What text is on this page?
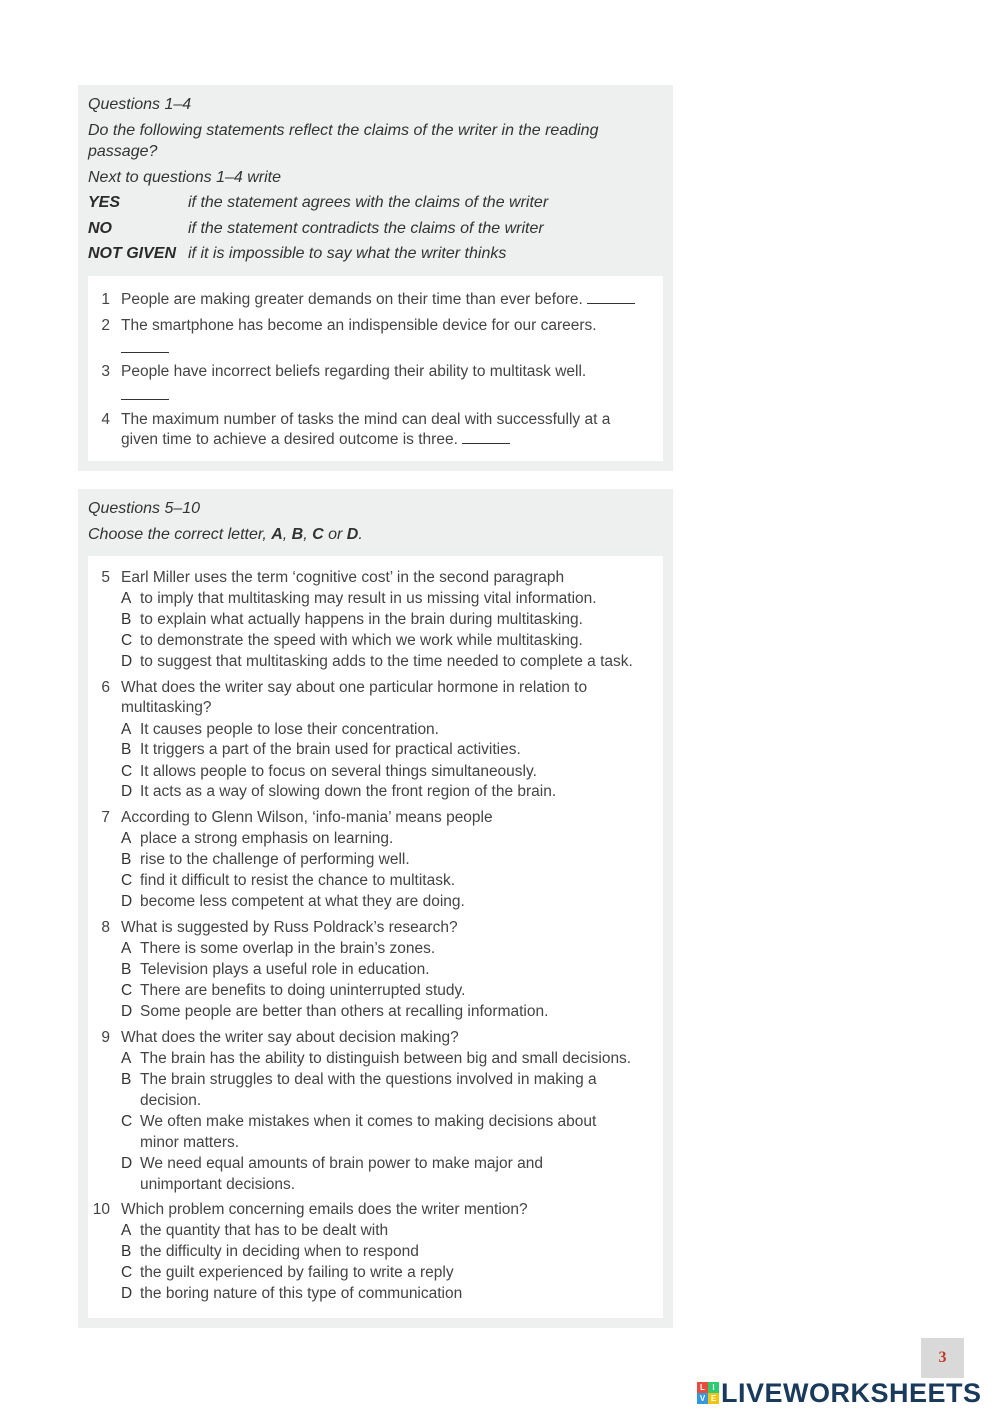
Questions 1–4
Do the following statements reflect the claims of the writer in the reading passage?
Next to questions 1–4 write
YES	if the statement agrees with the claims of the writer
NO	if the statement contradicts the claims of the writer
NOT GIVEN if it is impossible to say what the writer thinks
1 People are making greater demands on their time than ever before.
2 The smartphone has become an indispensible device for our careers.
3 People have incorrect beliefs regarding their ability to multitask well.
4 The maximum number of tasks the mind can deal with successfully at a
given time to achieve a desired outcome is three.
Questions 5–10
Choose the correct letter, A, B, C or D.
5 Earl Miller uses the term ‘cognitive cost’ in the second paragraph
A to imply that multitasking may result in us missing vital information.
B to explain what actually happens in the brain during multitasking.
C to demonstrate the speed with which we work while multitasking.
D to suggest that multitasking adds to the time needed to complete a task.
6 What does the writer say about one particular hormone in relation to
multitasking?
A It causes people to lose their concentration.
B It triggers a part of the brain used for practical activities.
C It allows people to focus on several things simultaneously.
D It acts as a way of slowing down the front region of the brain.
7 According to Glenn Wilson, ‘info-mania’ means people
A place a strong emphasis on learning.
B rise to the challenge of performing well.
C find it difficult to resist the chance to multitask.
D become less competent at what they are doing.
8 What is suggested by Russ Poldrack’s research?
A There is some overlap in the brain’s zones.
B Television plays a useful role in education.
C There are benefits to doing uninterrupted study.
D Some people are better than others at recalling information.
9 What does the writer say about decision making?
A The brain has the ability to distinguish between big and small decisions.
B The brain struggles to deal with the questions involved in making a
decision.
C We often make mistakes when it comes to making decisions about
minor matters.
D We need equal amounts of brain power to make major and
unimportant decisions.
10 Which problem concerning emails does the writer mention?
A the quantity that has to be dealt with
B the difficulty in deciding when to respond
C the guilt experienced by failing to write a reply
D the boring nature of this type of communication
3
L I
V E LIVEWORKSHEETS
